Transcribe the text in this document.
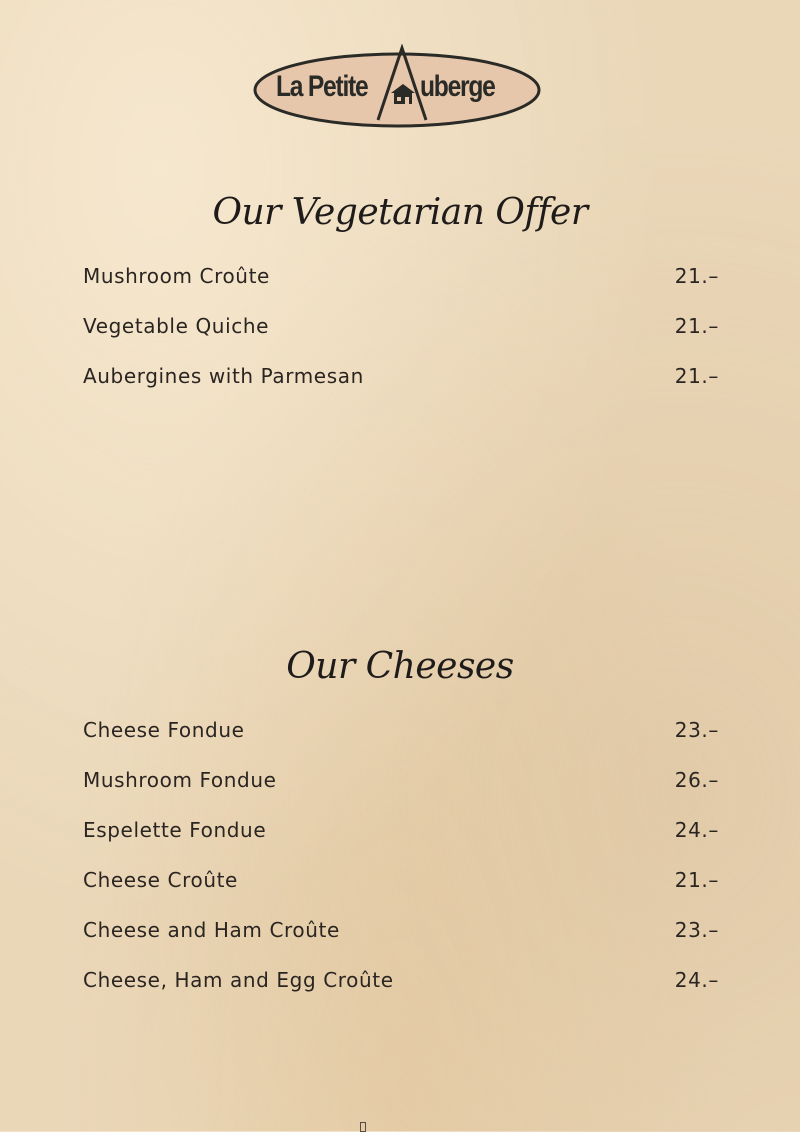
La Petite uberge
Our Vegetarian Offer
Mushroom Croûte	21.–
Vegetable Quiche	21.–
Aubergines with Parmesan	21.–
Our Cheeses
Cheese Fondue	23.–
Mushroom Fondue	26.–
Espelette Fondue	24.–
Cheese Croûte	21.–
Cheese and Ham Croûte	23.–
Cheese, Ham and Egg Croûte	24.–
